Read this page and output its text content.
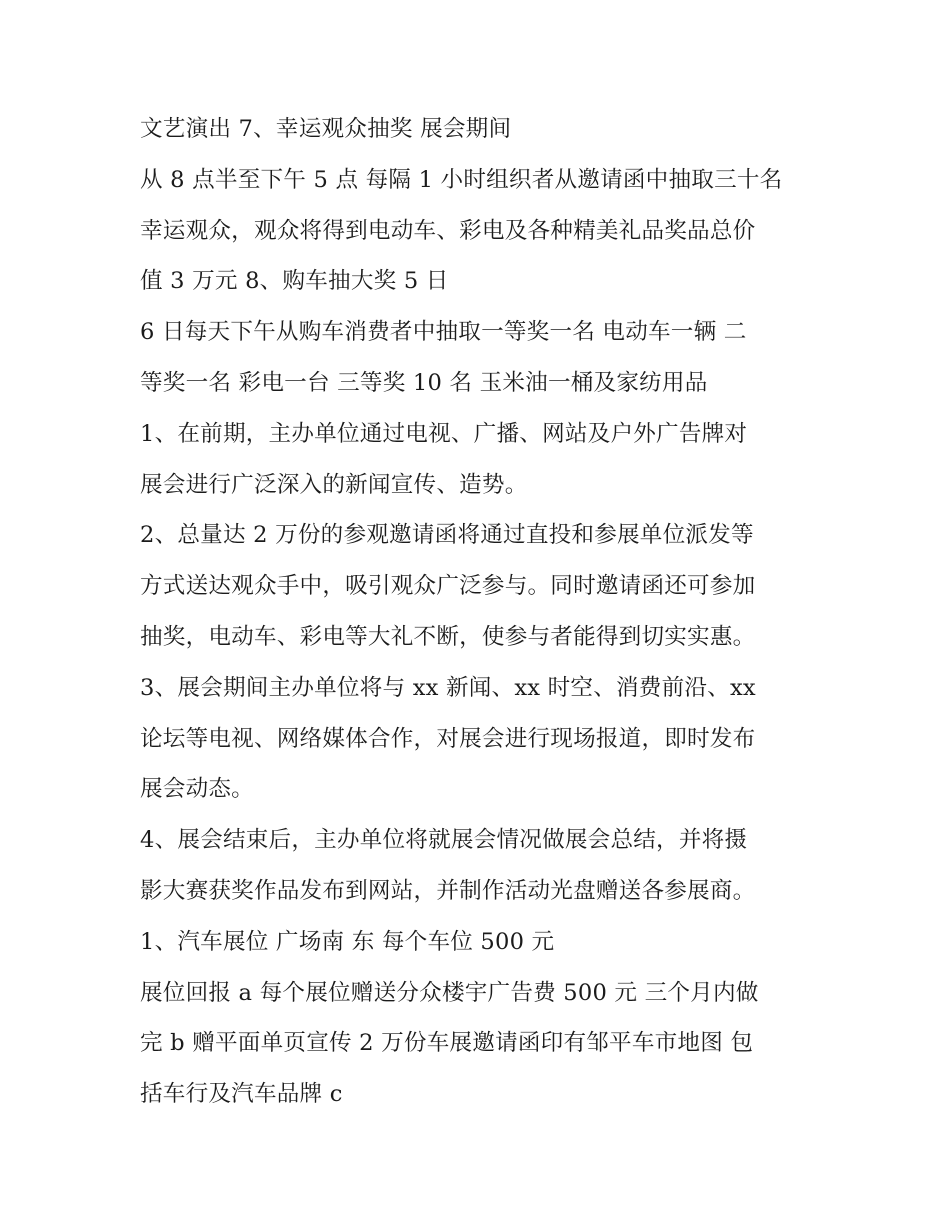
文艺演出 7、幸运观众抽奖 展会期间
从 8 点半至下午 5 点 每隔 1 小时组织者从邀请函中抽取三十名
幸运观众，观众将得到电动车、彩电及各种精美礼品奖品总价
值 3 万元 8、购车抽大奖 5 日
6 日每天下午从购车消费者中抽取一等奖一名 电动车一辆 二
等奖一名 彩电一台 三等奖 10 名 玉米油一桶及家纺用品
1、在前期，主办单位通过电视、广播、网站及户外广告牌对
展会进行广泛深入的新闻宣传、造势。
2、总量达 2 万份的参观邀请函将通过直投和参展单位派发等
方式送达观众手中，吸引观众广泛参与。同时邀请函还可参加
抽奖，电动车、彩电等大礼不断，使参与者能得到切实实惠。
3、展会期间主办单位将与 xx 新闻、xx 时空、消费前沿、xx
论坛等电视、网络媒体合作，对展会进行现场报道，即时发布
展会动态。
4、展会结束后，主办单位将就展会情况做展会总结，并将摄
影大赛获奖作品发布到网站，并制作活动光盘赠送各参展商。
1、汽车展位 广场南 东 每个车位 500 元
展位回报 a 每个展位赠送分众楼宇广告费 500 元 三个月内做
完 b 赠平面单页宣传 2 万份车展邀请函印有邹平车市地图 包
括车行及汽车品牌 c
